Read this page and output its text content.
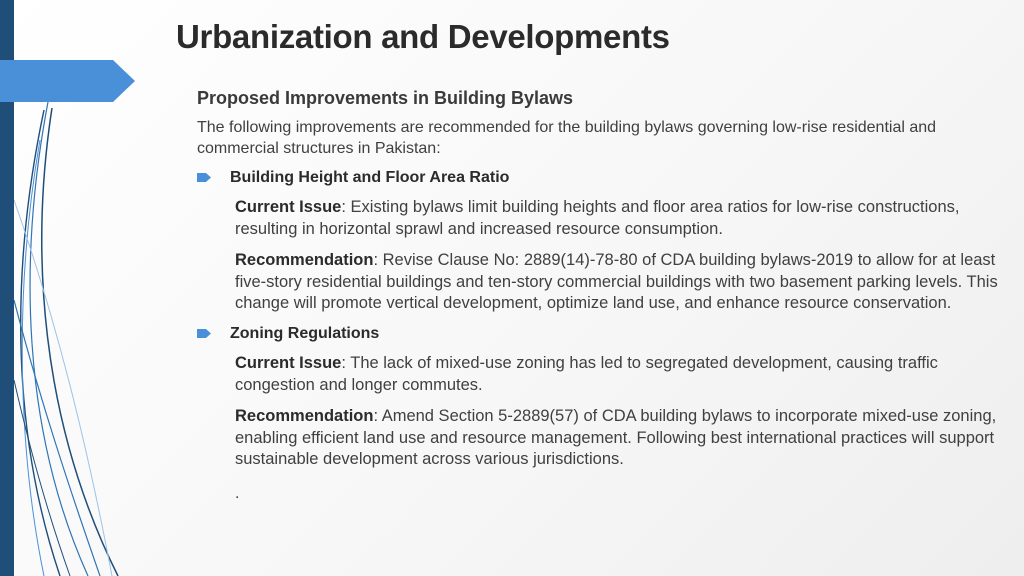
Urbanization and Developments
Proposed Improvements in Building Bylaws
The following improvements are recommended for the building bylaws governing low-rise residential and commercial structures in Pakistan:
Building Height and Floor Area Ratio
Current Issue: Existing bylaws limit building heights and floor area ratios for low-rise constructions, resulting in horizontal sprawl and increased resource consumption.
Recommendation: Revise Clause No: 2889(14)-78-80 of CDA building bylaws-2019 to allow for at least five-story residential buildings and ten-story commercial buildings with two basement parking levels. This change will promote vertical development, optimize land use, and enhance resource conservation.
Zoning Regulations
Current Issue: The lack of mixed-use zoning has led to segregated development, causing traffic congestion and longer commutes.
Recommendation: Amend Section 5-2889(57) of CDA building bylaws to incorporate mixed-use zoning, enabling efficient land use and resource management. Following best international practices will support sustainable development across various jurisdictions.
.
